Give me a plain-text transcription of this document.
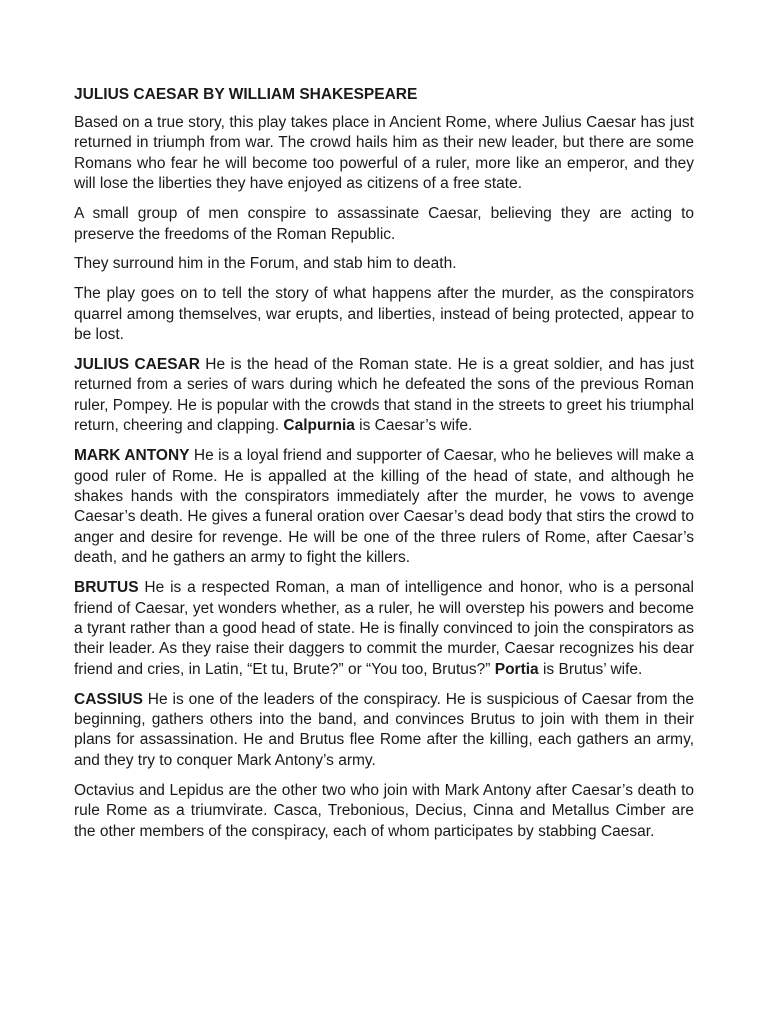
JULIUS CAESAR BY WILLIAM SHAKESPEARE

Based on a true story, this play takes place in Ancient Rome, where Julius Caesar has just returned in triumph from war. The crowd hails him as their new leader, but there are some Romans who fear he will become too powerful of a ruler, more like an emperor, and they will lose the liberties they have enjoyed as citizens of a free state.

A small group of men conspire to assassinate Caesar, believing they are acting to preserve the freedoms of the Roman Republic.

They surround him in the Forum, and stab him to death.

The play goes on to tell the story of what happens after the murder, as the conspirators quarrel among themselves, war erupts, and liberties, instead of being protected, appear to be lost.

JULIUS CAESAR He is the head of the Roman state. He is a great soldier, and has just returned from a series of wars during which he defeated the sons of the previous Roman ruler, Pompey. He is popular with the crowds that stand in the streets to greet his triumphal return, cheering and clapping. Calpurnia is Caesar’s wife.

MARK ANTONY He is a loyal friend and supporter of Caesar, who he believes will make a good ruler of Rome. He is appalled at the killing of the head of state, and although he shakes hands with the conspirators immediately after the murder, he vows to avenge Caesar’s death. He gives a funeral oration over Caesar’s dead body that stirs the crowd to anger and desire for revenge. He will be one of the three rulers of Rome, after Caesar’s death, and he gathers an army to fight the killers.

BRUTUS He is a respected Roman, a man of intelligence and honor, who is a personal friend of Caesar, yet wonders whether, as a ruler, he will overstep his powers and become a tyrant rather than a good head of state. He is finally convinced to join the conspirators as their leader. As they raise their daggers to commit the murder, Caesar recognizes his dear friend and cries, in Latin, “Et tu, Brute?” or “You too, Brutus?” Portia is Brutus’ wife.

CASSIUS He is one of the leaders of the conspiracy. He is suspicious of Caesar from the beginning, gathers others into the band, and convinces Brutus to join with them in their plans for assassination. He and Brutus flee Rome after the killing, each gathers an army, and they try to conquer Mark Antony’s army.

Octavius and Lepidus are the other two who join with Mark Antony after Caesar’s death to rule Rome as a triumvirate. Casca, Trebonious, Decius, Cinna and Metallus Cimber are the other members of the conspiracy, each of whom participates by stabbing Caesar.
